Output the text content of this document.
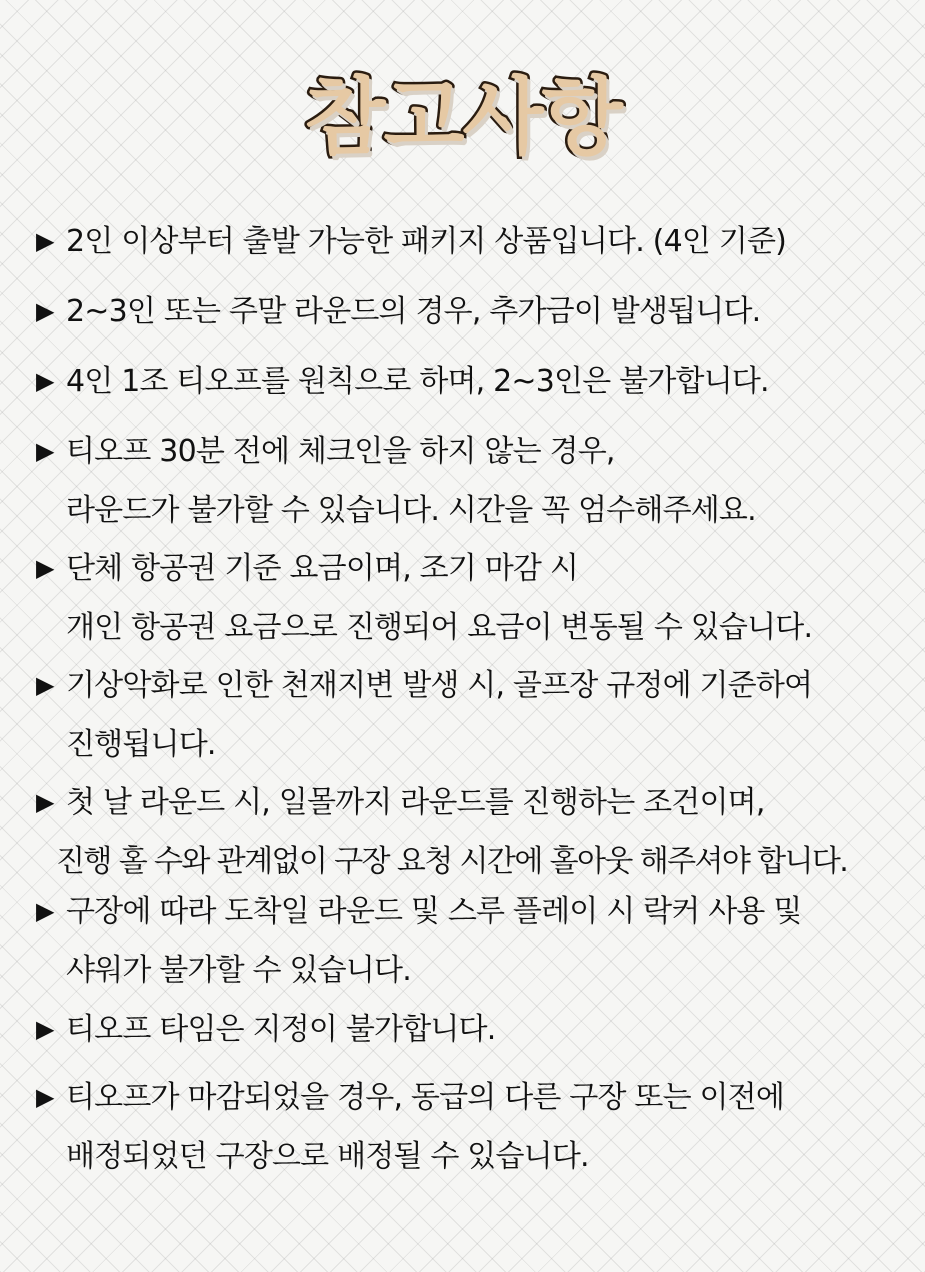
참고사항
▶ 2인 이상부터 출발 가능한 패키지 상품입니다. (4인 기준)
▶ 2~3인 또는 주말 라운드의 경우, 추가금이 발생됩니다.
▶ 4인 1조 티오프를 원칙으로 하며, 2~3인은 불가합니다.
▶ 티오프 30분 전에 체크인을 하지 않는 경우,
라운드가 불가할 수 있습니다. 시간을 꼭 엄수해주세요.
▶ 단체 항공권 기준 요금이며, 조기 마감 시
개인 항공권 요금으로 진행되어 요금이 변동될 수 있습니다.
▶ 기상악화로 인한 천재지변 발생 시, 골프장 규정에 기준하여
진행됩니다.
▶ 첫 날 라운드 시, 일몰까지 라운드를 진행하는 조건이며,
진행 홀 수와 관계없이 구장 요청 시간에 홀아웃 해주셔야 합니다.
▶ 구장에 따라 도착일 라운드 및 스루 플레이 시 락커 사용 및
샤워가 불가할 수 있습니다.
▶ 티오프 타임은 지정이 불가합니다.
▶ 티오프가 마감되었을 경우, 동급의 다른 구장 또는 이전에
배정되었던 구장으로 배정될 수 있습니다.
